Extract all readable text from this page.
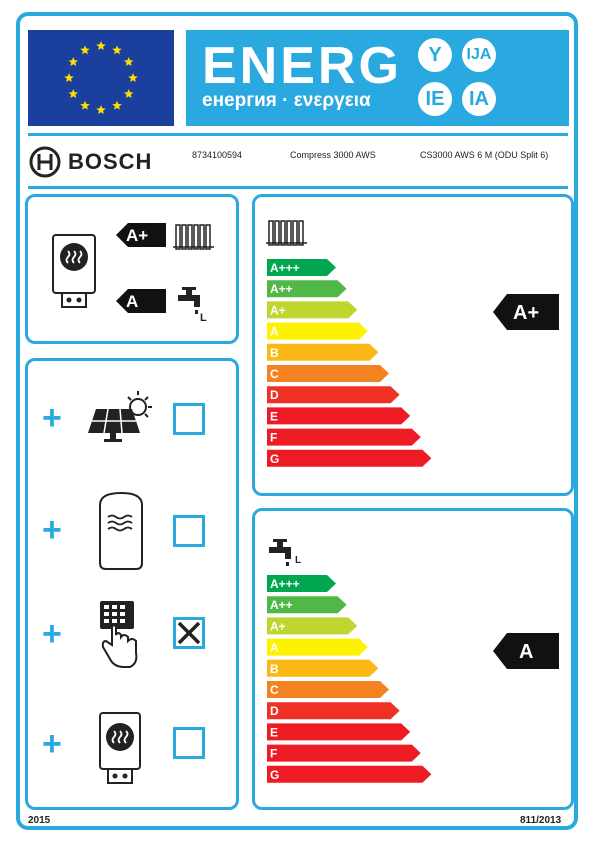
ENERG
енергия · ενεργεια
Y	IJA
IE	IA
BOSCH	8734100594	Compress 3000 AWS	CS3000 AWS 6 M (ODU Split 6)
A+
A
L
+
+
+
+
A+
A+++
A++
A+
A
B
C
D
E
F
G
L
A
A+++
A++
A+
A
B
C
D
E
F
G
2015	811/2013
